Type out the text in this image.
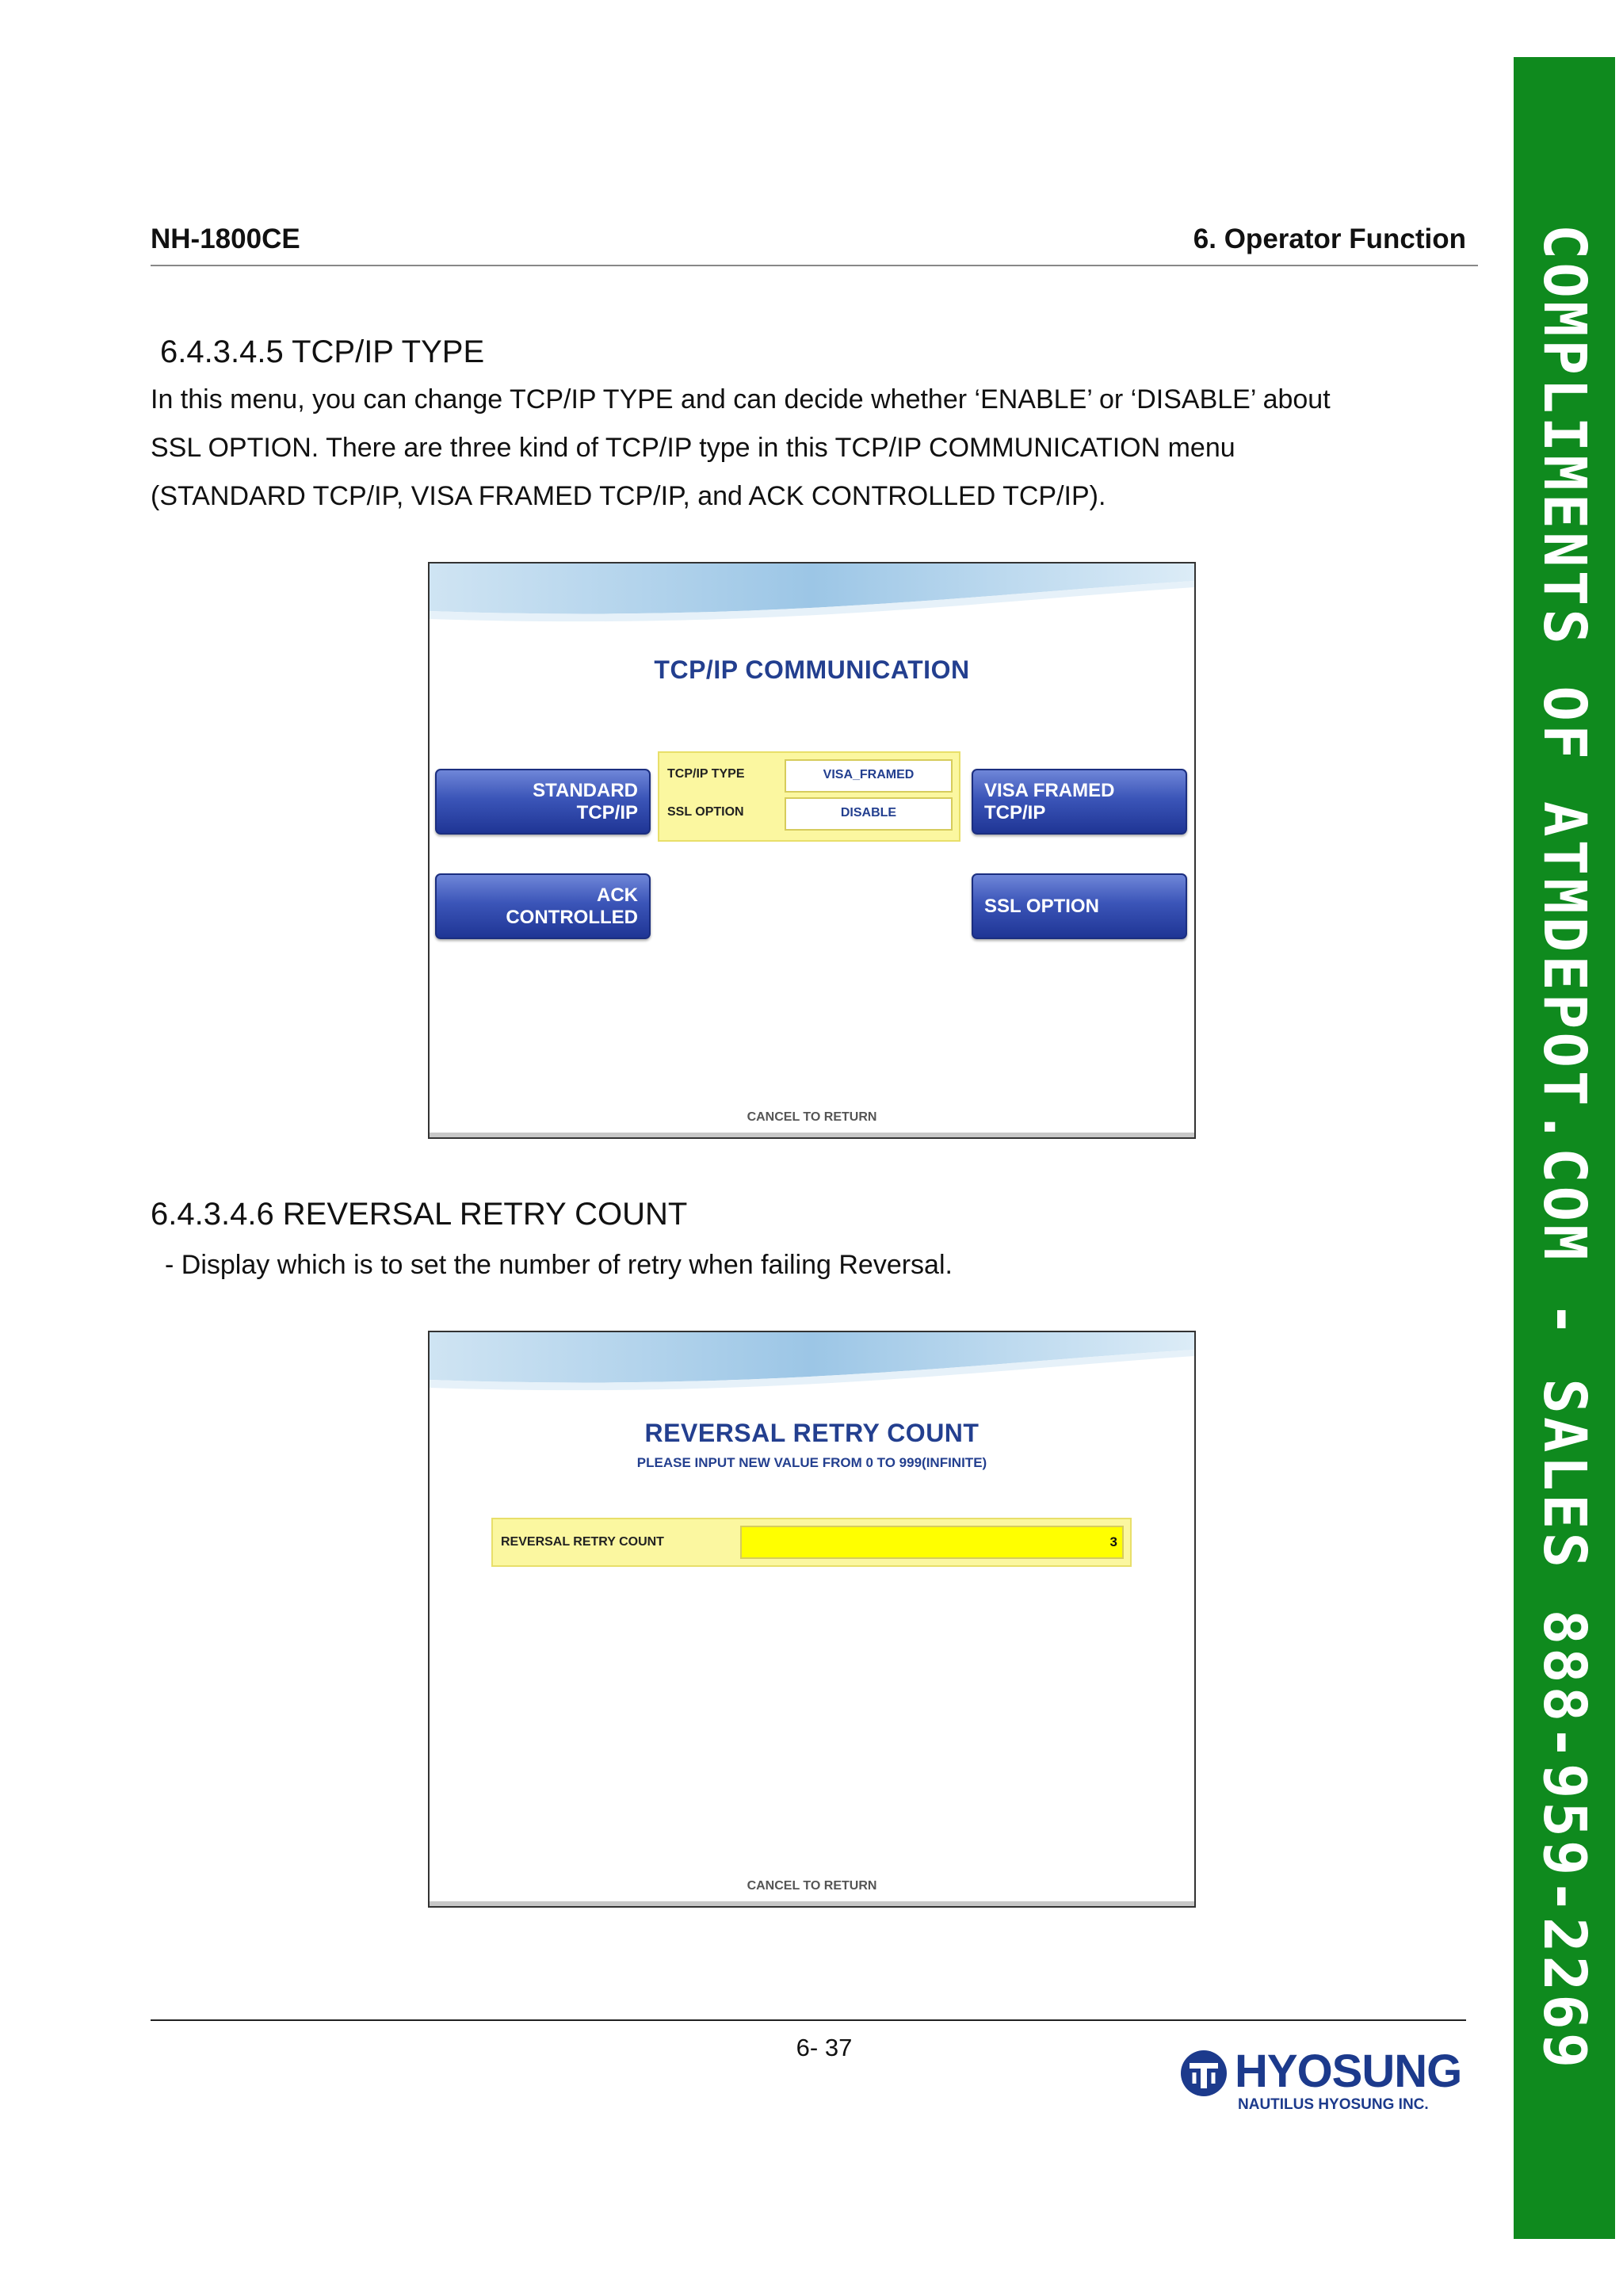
NH-1800CE	6. Operator Function
6.4.3.4.5 TCP/IP TYPE
In this menu, you can change TCP/IP TYPE and can decide whether ‘ENABLE’ or ‘DISABLE’ about
SSL OPTION. There are three kind of TCP/IP type in this TCP/IP COMMUNICATION menu
(STANDARD TCP/IP, VISA FRAMED TCP/IP, and ACK CONTROLLED TCP/IP).
TCP/IP COMMUNICATION
STANDARD
TCP/IP
VISA FRAMED
TCP/IP
ACK
CONTROLLED
SSL OPTION
TCP/IP TYPE	VISA_FRAMED
SSL OPTION	DISABLE
CANCEL TO RETURN
6.4.3.4.6 REVERSAL RETRY COUNT
- Display which is to set the number of retry when failing Reversal.
REVERSAL RETRY COUNT
PLEASE INPUT NEW VALUE FROM 0 TO 999(INFINITE)
REVERSAL RETRY COUNT	3
CANCEL TO RETURN
6- 37	HYOSUNG
NAUTILUS HYOSUNG INC.
COMPLIMENTS OF ATMDEPOT.COM - SALES 888-959-2269
